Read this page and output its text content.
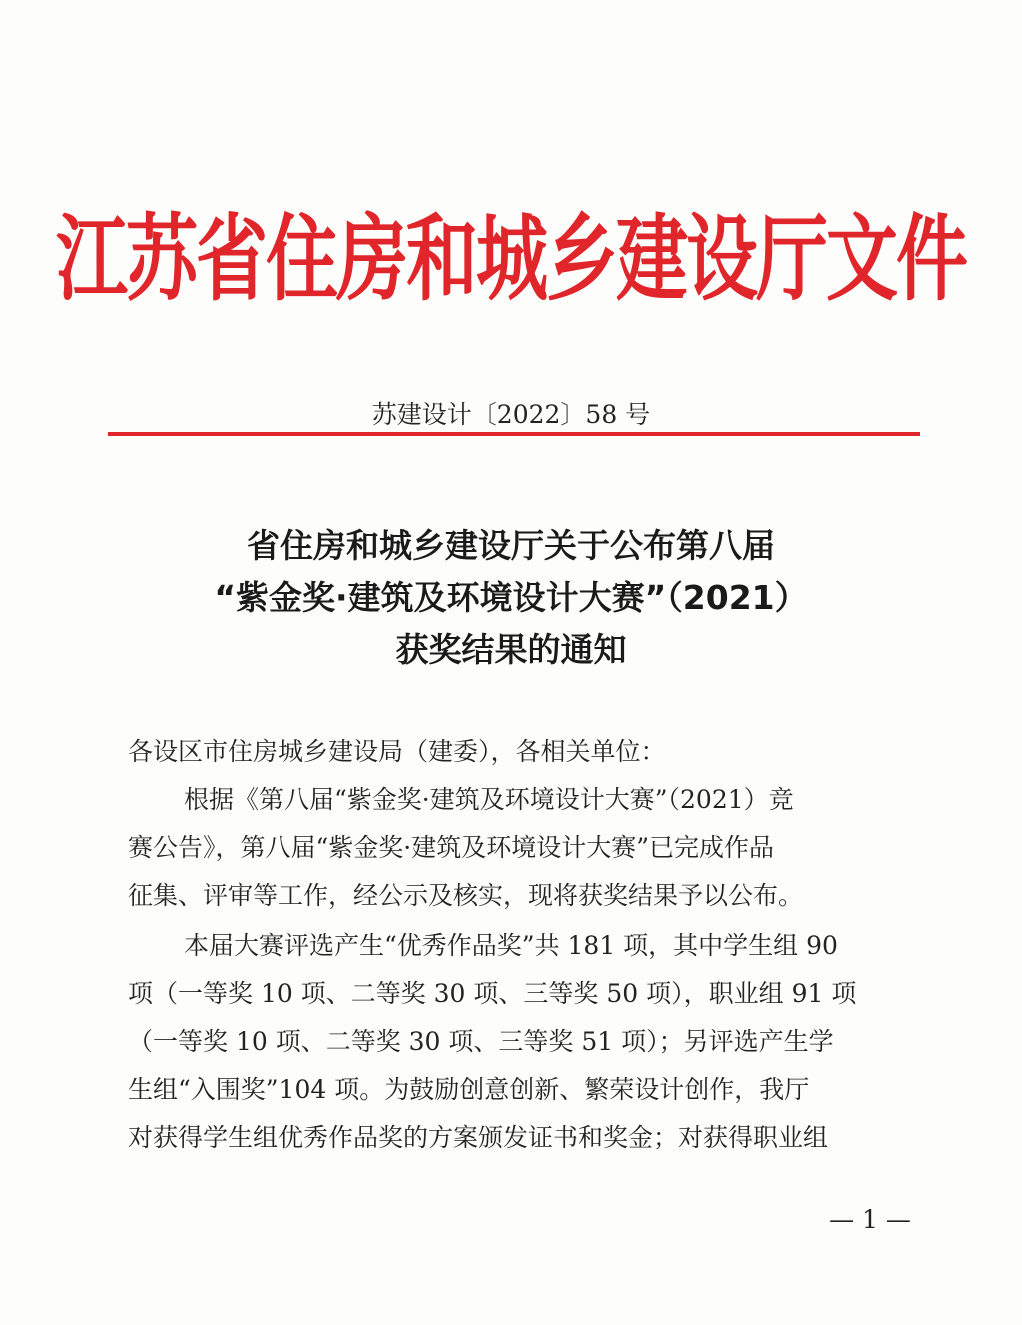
江苏省住房和城乡建设厅文件
苏建设计〔2022〕58 号
省住房和城乡建设厅关于公布第八届
“紫金奖·建筑及环境设计大赛”（2021）
获奖结果的通知
各设区市住房城乡建设局（建委），各相关单位：
根据《第八届“紫金奖·建筑及环境设计大赛”（2021）竞
赛公告》，第八届“紫金奖·建筑及环境设计大赛”已完成作品
征集、评审等工作，经公示及核实，现将获奖结果予以公布。
本届大赛评选产生“优秀作品奖”共 181 项，其中学生组 90
项（一等奖 10 项、二等奖 30 项、三等奖 50 项），职业组 91 项
（一等奖 10 项、二等奖 30 项、三等奖 51 项）；另评选产生学
生组“入围奖”104 项。为鼓励创意创新、繁荣设计创作，我厅
对获得学生组优秀作品奖的方案颁发证书和奖金；对获得职业组
— 1 —
